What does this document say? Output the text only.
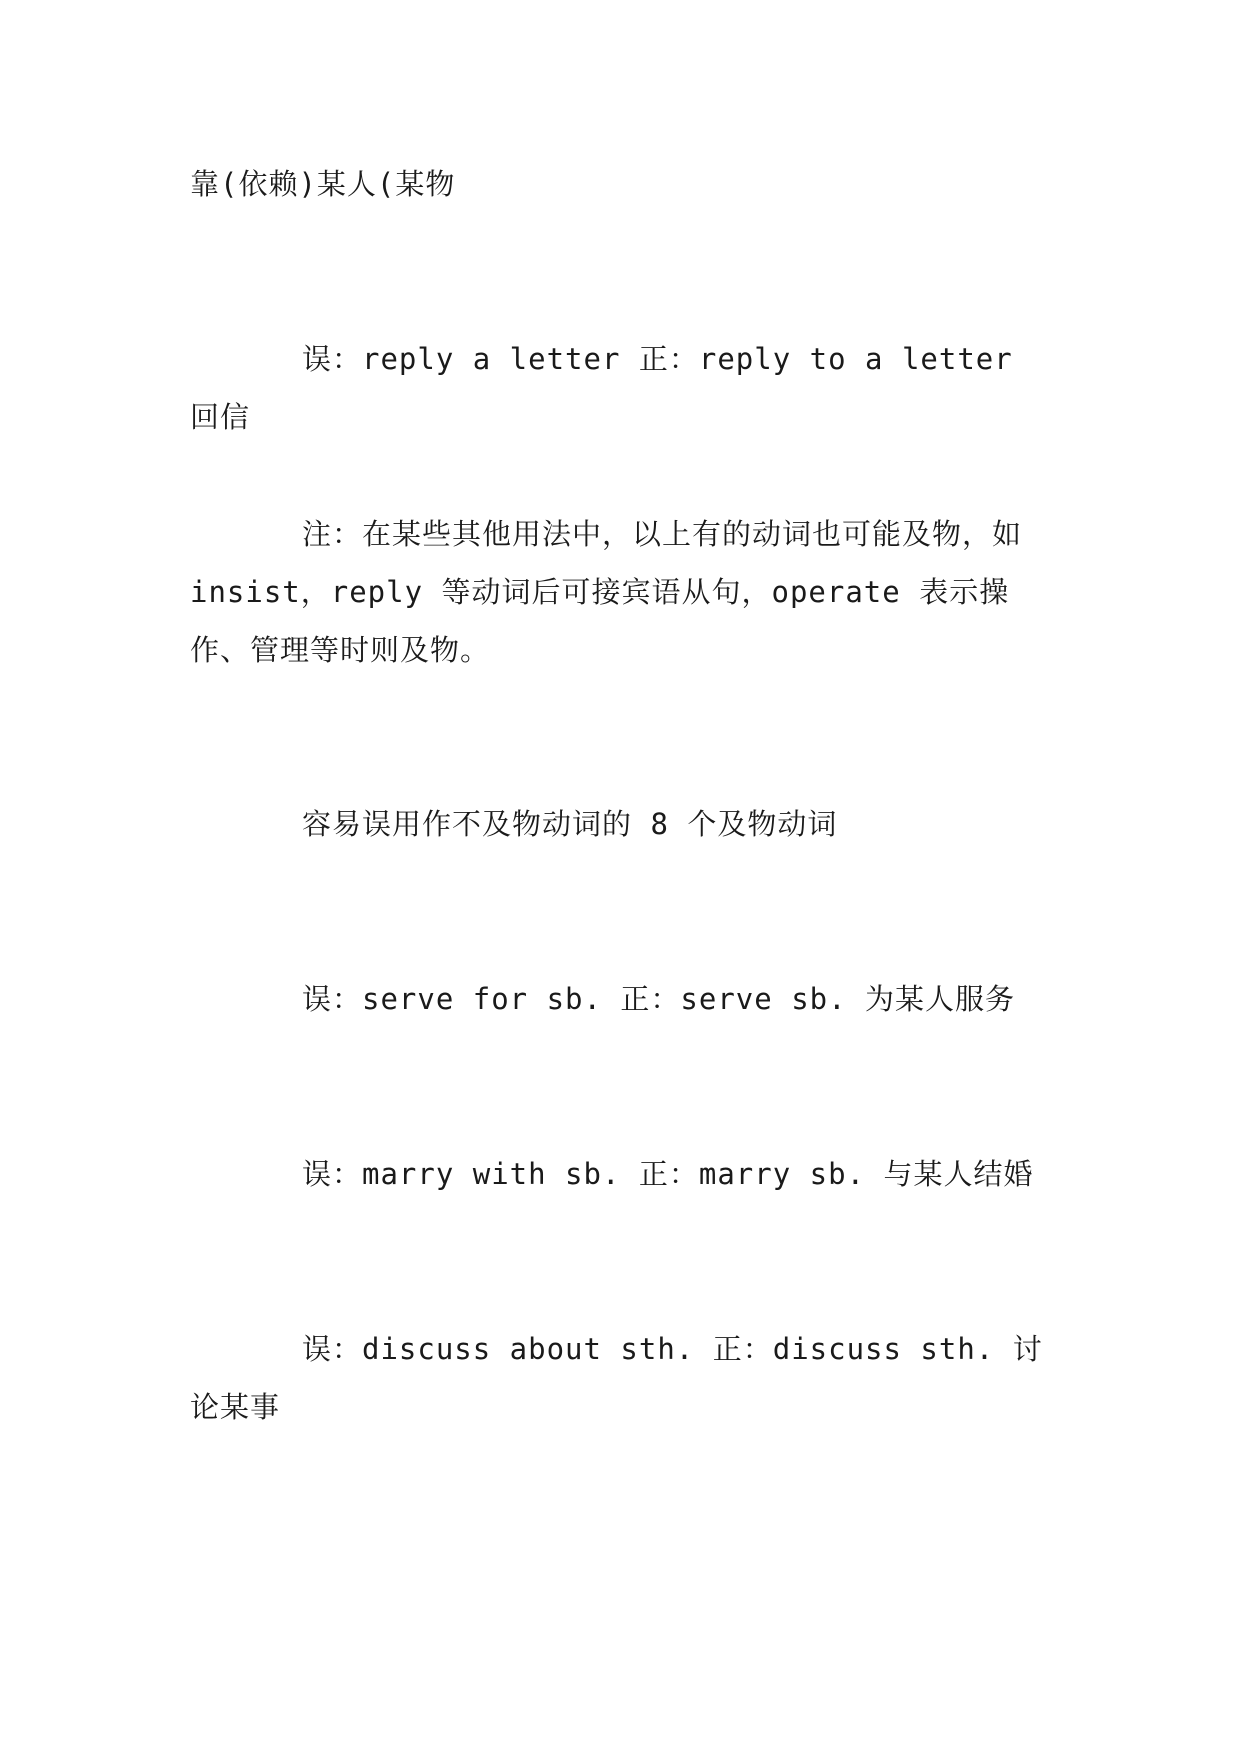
靠(依赖)某人(某物

误：reply a letter 正：reply to a letter 回信

注：在某些其他用法中，以上有的动词也可能及物，如 insist，reply 等动词后可接宾语从句，operate 表示操作、管理等时则及物。

容易误用作不及物动词的 8 个及物动词

误：serve for sb. 正：serve sb. 为某人服务

误：marry with sb. 正：marry sb. 与某人结婚

误：discuss about sth. 正：discuss sth. 讨论某事
